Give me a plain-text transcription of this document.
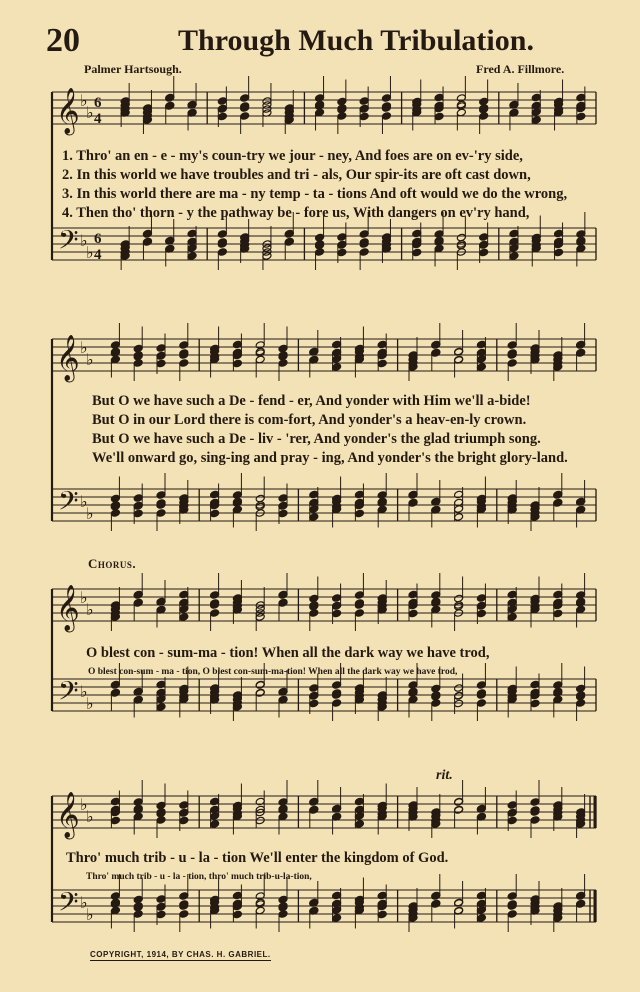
20	Through Much Tribulation.
Palmer Hartsough.	Fred A. Fillmore.
𝄞
𝄢
♭
♭
♭
♭
6
4
6
4
1. Thro' an en - e - my's coun-try we jour - ney, And foes are on ev-'ry side,
2. In this world we have troubles and tri - als, Our spir-its are oft cast down,
3. In this world there are ma - ny temp - ta - tions And oft would we do the wrong,
4. Then tho' thorn - y the pathway be - fore us, With dangers on ev'ry hand,
𝄞
𝄢
♭
♭
♭
♭
But O we have such a De - fend - er, And yonder with Him we'll a-bide!
But O in our Lord there is com-fort, And yonder's a heav-en-ly crown.
But O we have such a De - liv - 'rer, And yonder's the glad triumph song.
We'll onward go, sing-ing and pray - ing, And yonder's the bright glory-land.
Chorus.
𝄞
𝄢
♭
♭
♭
♭
O blest con - sum-ma - tion! When all the dark way we have trod,
O blest con-sum - ma - tion, O blest con-sum-ma-tion! When all the dark way we have trod,
rit.
𝄞
𝄢
♭
♭
♭
♭
Thro' much trib - u - la - tion We'll enter the kingdom of God.
Thro' much trib - u - la - tion, thro' much trib-u-la-tion,
COPYRIGHT, 1914, BY CHAS. H. GABRIEL.
